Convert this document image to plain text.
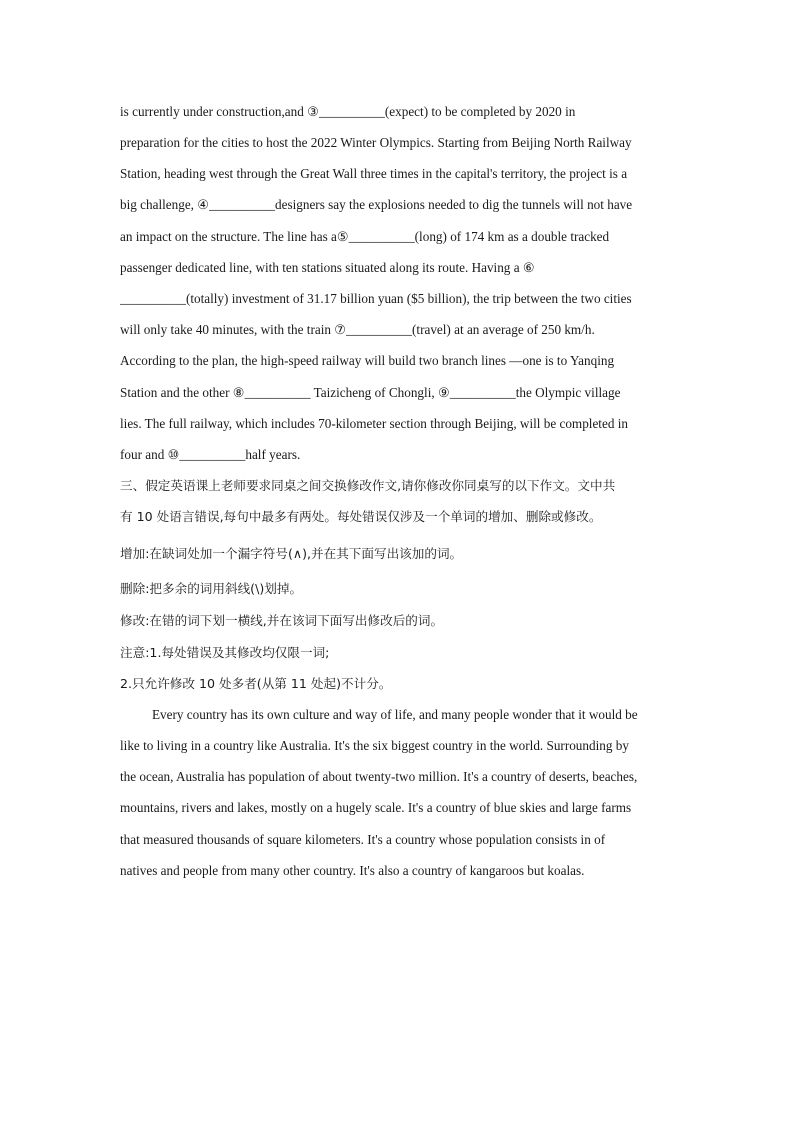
is currently under construction,and ③__________(expect) to be completed by 2020 in
preparation for the cities to host the 2022 Winter Olympics. Starting from Beijing North Railway
Station, heading west through the Great Wall three times in the capital's territory, the project is a
big challenge, ④__________designers say the explosions needed to dig the tunnels will not have
an impact on the structure. The line has a⑤__________(long) of 174 km as a double tracked
passenger dedicated line, with ten stations situated along its route. Having a ⑥
__________(totally) investment of 31.17 billion yuan ($5 billion), the trip between the two cities
will only take 40 minutes, with the train ⑦__________(travel) at an average of 250 km/h.
According to the plan, the high-speed railway will build two branch lines —one is to Yanqing
Station and the other ⑧__________ Taizicheng of Chongli, ⑨__________the Olympic village
lies. The full railway, which includes 70-kilometer section through Beijing, will be completed in
four and ⑩__________half years.
三、假定英语课上老师要求同桌之间交换修改作文,请你修改你同桌写的以下作文。文中共
有 10 处语言错误,每句中最多有两处。每处错误仅涉及一个单词的增加、删除或修改。
增加:在缺词处加一个漏字符号(∧),并在其下面写出该加的词。
删除:把多余的词用斜线(\)划掉。
修改:在错的词下划一横线,并在该词下面写出修改后的词。
注意:1.每处错误及其修改均仅限一词;
2.只允许修改 10 处多者(从第 11 处起)不计分。
Every country has its own culture and way of life, and many people wonder that it would be
like to living in a country like Australia. It's the six biggest country in the world. Surrounding by
the ocean, Australia has population of about twenty-two million. It's a country of deserts, beaches,
mountains, rivers and lakes, mostly on a hugely scale. It's a country of blue skies and large farms
that measured thousands of square kilometers. It's a country whose population consists in of
natives and people from many other country. It's also a country of kangaroos but koalas.
